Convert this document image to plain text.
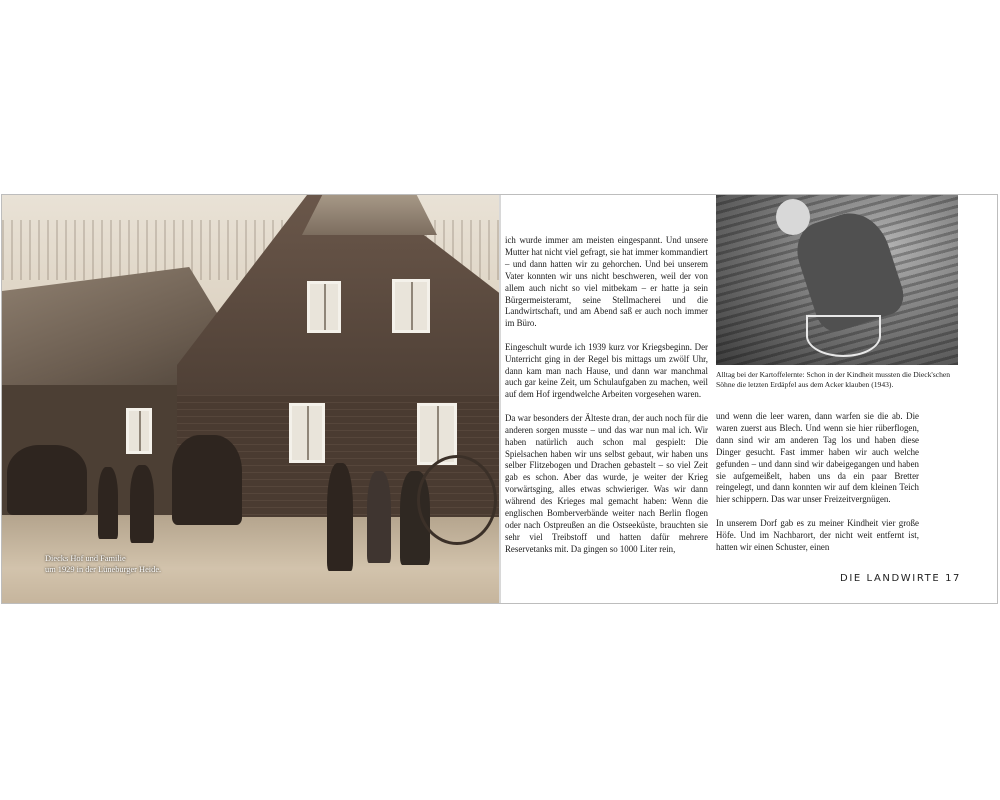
Diecks Hof und Familie
um 1929 in der Lüneburger Heide.

ich wurde immer am meisten eingespannt. Und unsere Mutter hat nicht viel gefragt, sie hat immer kommandiert – und dann hatten wir zu gehorchen. Und bei unserem Vater konnten wir uns nicht beschweren, weil der von allem auch nicht so viel mitbekam – er hatte ja sein Bürgermeisteramt, seine Stellmacherei und die Landwirtschaft, und am Abend saß er auch noch immer im Büro.

Eingeschult wurde ich 1939 kurz vor Kriegsbeginn. Der Unterricht ging in der Regel bis mittags um zwölf Uhr, dann kam man nach Hause, und dann war manchmal auch gar keine Zeit, um Schulaufgaben zu machen, weil auf dem Hof irgendwelche Arbeiten vorgesehen waren.

Da war besonders der Älteste dran, der auch noch für die anderen sorgen musste – und das war nun mal ich. Wir haben natürlich auch schon mal gespielt: Die Spielsachen haben wir uns selbst gebaut, wir haben uns selber Flitzebogen und Drachen gebastelt – so viel Zeit gab es schon. Aber das wurde, je weiter der Krieg vorwärtsging, alles etwas schwieriger. Was wir dann während des Krieges mal gemacht haben: Wenn die englischen Bomberverbände weiter nach Berlin flogen oder nach Ostpreußen an die Ostseeküste, brauchten sie sehr viel Treibstoff und hatten dafür mehrere Reservetanks mit. Da gingen so 1000 Liter rein,

Alltag bei der Kartoffelernte: Schon in der Kindheit mussten die Dieck'schen Söhne die letzten Erdäpfel aus dem Acker klauben (1943).

und wenn die leer waren, dann warfen sie die ab. Die waren zuerst aus Blech. Und wenn sie hier rüberflogen, dann sind wir am anderen Tag los und haben diese Dinger gesucht. Fast immer haben wir auch welche gefunden – und dann sind wir dabeigegangen und haben sie aufgemeißelt, haben uns da ein paar Bretter reingelegt, und dann konnten wir auf dem kleinen Teich hier schippern. Das war unser Freizeitvergnügen.

In unserem Dorf gab es zu meiner Kindheit vier große Höfe. Und im Nachbarort, der nicht weit entfernt ist, hatten wir einen Schuster, einen

DIE LANDWIRTE 17
